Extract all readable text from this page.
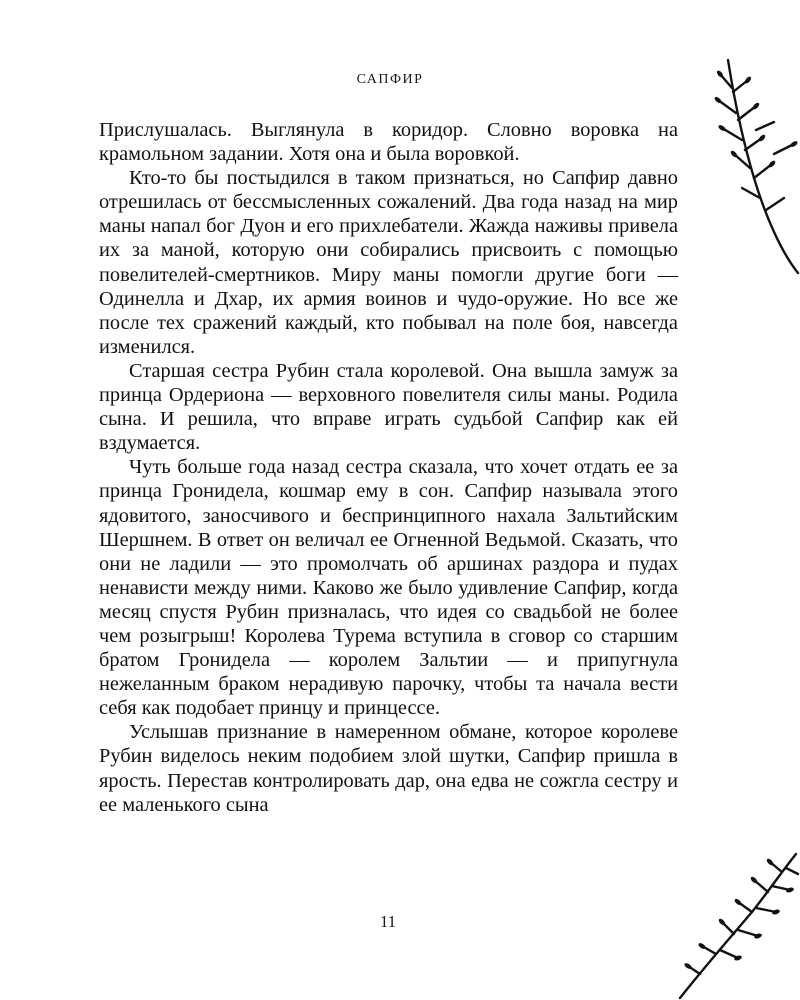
САПФИР

Прислушалась. Выглянула в коридор. Словно воровка на крамольном задании. Хотя она и была воровкой.

Кто-то бы постыдился в таком признаться, но Сапфир давно отрешилась от бессмысленных сожалений. Два года назад на мир маны напал бог Дуон и его прихлебатели. Жажда наживы привела их за маной, которую они собирались присвоить с помощью повелителей-смертников. Миру маны помогли другие боги — Одинелла и Дхар, их армия воинов и чудо-оружие. Но все же после тех сражений каждый, кто побывал на поле боя, навсегда изменился.

Старшая сестра Рубин стала королевой. Она вышла замуж за принца Ордериона — верховного повелителя силы маны. Родила сына. И решила, что вправе играть судьбой Сапфир как ей вздумается.

Чуть больше года назад сестра сказала, что хочет отдать ее за принца Гронидела, кошмар ему в сон. Сапфир называла этого ядовитого, заносчивого и беспринципного нахала Зальтийским Шершнем. В ответ он величал ее Огненной Ведьмой. Сказать, что они не ладили — это промолчать об аршинах раздора и пудах ненависти между ними. Каково же было удивление Сапфир, когда месяц спустя Рубин призналась, что идея со свадьбой не более чем розыгрыш! Королева Турема вступила в сговор со старшим братом Гронидела — королем Зальтии — и припугнула нежеланным браком нерадивую парочку, чтобы та начала вести себя как подобает принцу и принцессе.

Услышав признание в намеренном обмане, которое королеве Рубин виделось неким подобием злой шутки, Сапфир пришла в ярость. Перестав контролировать дар, она едва не сожгла сестру и ее маленького сына

11
